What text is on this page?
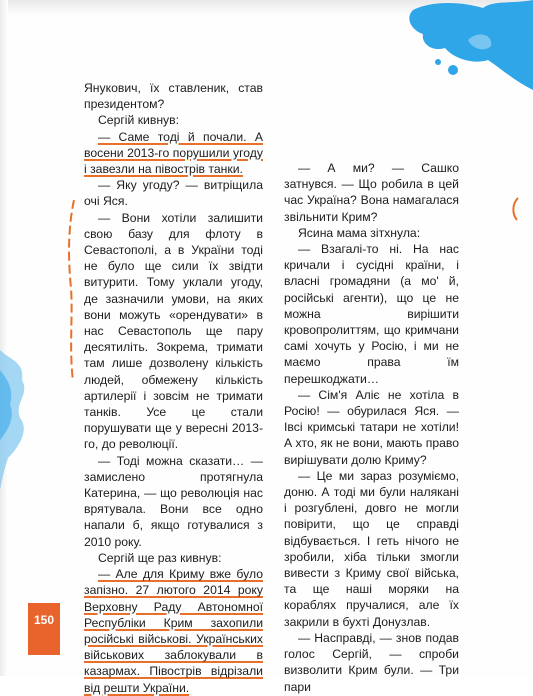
Янукович, їх ставленик, став президентом?

Сергій кивнув:

— Саме тоді й почали. А восени 2013-го порушили угоду і завезли на півострів танки.

— Яку угоду? — витріщила очі Яся.

— Вони хотіли залишити свою базу для флоту в Севастополі, а в України тоді не було ще сили їх звідти витурити. Тому уклали угоду, де зазначили умови, на яких вони можуть «орендувати» в нас Севастополь ще пару десятиліть. Зокрема, тримати там лише дозволену кількість людей, обмежену кількість артилерії і зовсім не тримати танків. Усе це стали порушувати ще у вересні 2013-го, до революції.

— Тоді можна сказати… — замислено протягнула Катерина, — що революція нас врятувала. Вони все одно напали б, якщо готувалися з 2010 року.

Сергій ще раз кивнув:

— Але для Криму вже було запізно. 27 лютого 2014 року Верховну Раду Автономної Республіки Крим захопили російські військові. Українських військових заблокували в казармах. Півострів відрізали від решти України.

— А ми? — Сашко затнувся. — Що робила в цей час Україна? Вона намагалася звільнити Крим?

Ясина мама зітхнула:

— Взагалі-то ні. На нас кричали і сусідні країни, і власні громадяни (а мо' й, російські агенти), що це не можна вирішити кровопролиттям, що кримчани самі хочуть у Росію, і ми не маємо права їм перешкоджати…

— Сім'я Аліє не хотіла в Росію! — обурилася Яся. — Івсі кримські татари не хотіли! А хто, як не вони, мають право вирішувати долю Криму?

— Це ми зараз розуміємо, доню. А тоді ми були налякані і розгублені, довго не могли повірити, що це справді відбувається. І геть нічого не зробили, хіба тільки змогли вивести з Криму свої війська, та ще наші моряки на кораблях пручалися, але їх закрили в бухті Донузлав.

— Насправді, — знов подав голос Сергій, — спроби визволити Крим були. — Три пари

150
